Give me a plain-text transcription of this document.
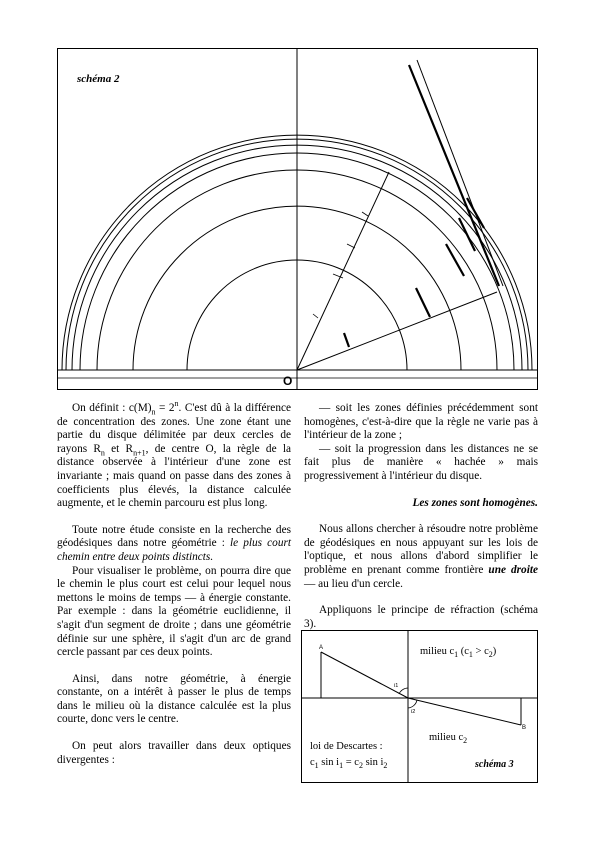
schéma 2
O

On définit : $c(M)_n = 2^n$. C'est dû à la différence de concentration des zones. Une zone étant une partie du disque délimitée par deux cercles de rayons $R_n$ et $R_{n+1}$, de centre O, la règle de la distance observée à l'intérieur d'une zone est invariante ; mais quand on passe dans des zones à coefficients plus élevés, la distance calculée augmente, et le chemin parcouru est plus long.

Toute notre étude consiste en la recherche des géodésiques dans notre géométrie : le plus court chemin entre deux points distincts.

Pour visualiser le problème, on pourra dire que le chemin le plus court est celui pour lequel nous mettons le moins de temps — à énergie constante. Par exemple : dans la géométrie euclidienne, il s'agit d'un segment de droite ; dans une géométrie définie sur une sphère, il s'agit d'un arc de grand cercle passant par ces deux points.

Ainsi, dans notre géométrie, à énergie constante, on a intérêt à passer le plus de temps dans le milieu où la distance calculée est la plus courte, donc vers le centre.

On peut alors travailler dans deux optiques divergentes :

— soit les zones définies précédemment sont homogènes, c'est-à-dire que la règle ne varie pas à l'intérieur de la zone ;

— soit la progression dans les distances ne se fait plus de manière « hachée » mais progressivement à l'intérieur du disque.

Les zones sont homogènes.

Nous allons chercher à résoudre notre problème de géodésiques en nous appuyant sur les lois de l'optique, et nous allons d'abord simplifier le problème en prenant comme frontière une droite — au lieu d'un cercle.

Appliquons le principe de réfraction (schéma 3).

A
B
i1
i2
milieu $c_1$ $(c_1 > c_2)$
milieu $c_2$
loi de Descartes :
$c_1$ $\sin i_1 = c_2$ $\sin i_2$	schéma 3
